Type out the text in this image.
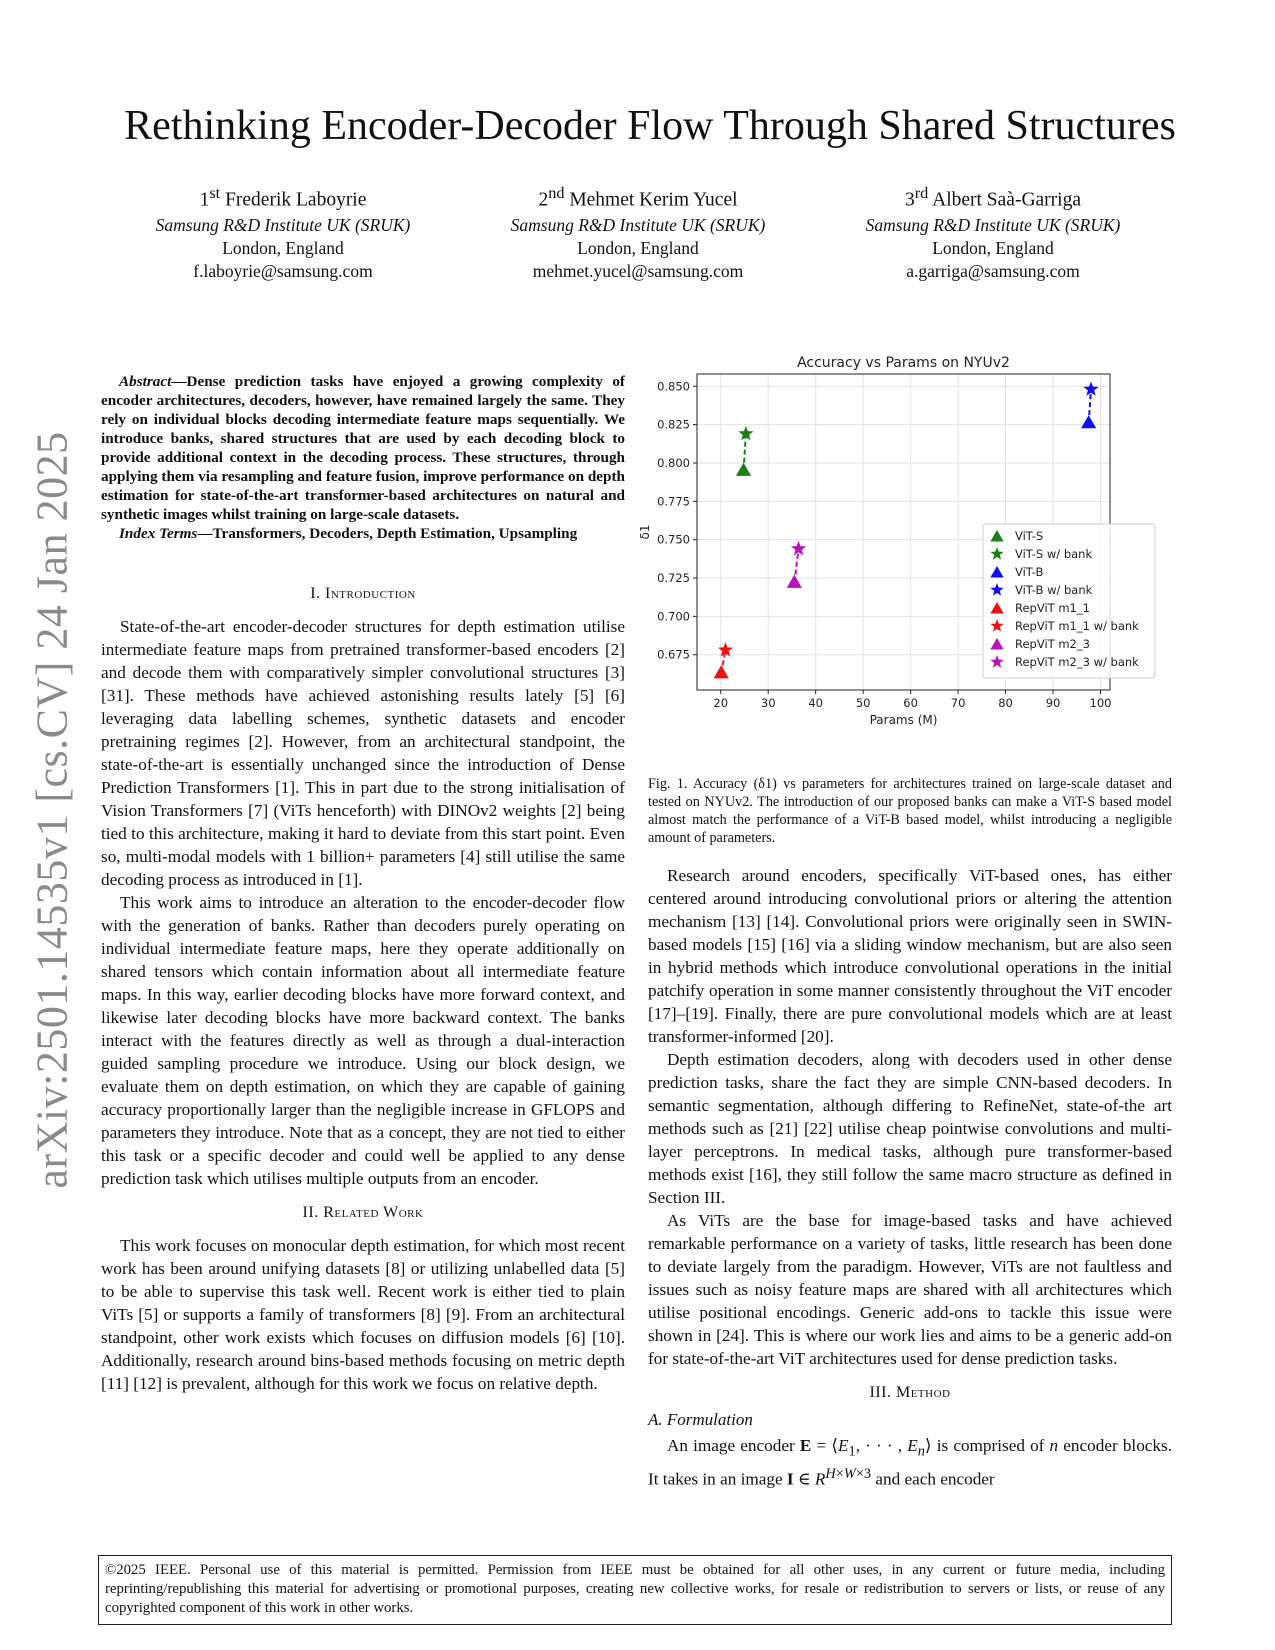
arXiv:2501.14535v1 [cs.CV] 24 Jan 2025
Rethinking Encoder-Decoder Flow Through Shared Structures
1st Frederik Laboyrie
Samsung R&D Institute UK (SRUK)
London, England
f.laboyrie@samsung.com
2nd Mehmet Kerim Yucel
Samsung R&D Institute UK (SRUK)
London, England
mehmet.yucel@samsung.com
3rd Albert Saà-Garriga
Samsung R&D Institute UK (SRUK)
London, England
a.garriga@samsung.com

Abstract—Dense prediction tasks have enjoyed a growing complexity of encoder architectures, decoders, however, have remained largely the same. They rely on individual blocks decoding intermediate feature maps sequentially. We introduce banks, shared structures that are used by each decoding block to provide additional context in the decoding process. These structures, through applying them via resampling and feature fusion, improve performance on depth estimation for state-of-the-art transformer-based architectures on natural and synthetic images whilst training on large-scale datasets.

Index Terms—Transformers, Decoders, Depth Estimation, Upsampling

I. Introduction

State-of-the-art encoder-decoder structures for depth estimation utilise intermediate feature maps from pretrained transformer-based encoders [2] and decode them with comparatively simpler convolutional structures [3] [31]. These methods have achieved astonishing results lately [5] [6] leveraging data labelling schemes, synthetic datasets and encoder pretraining regimes [2]. However, from an architectural standpoint, the state-of-the-art is essentially unchanged since the introduction of Dense Prediction Transformers [1]. This in part due to the strong initialisation of Vision Transformers [7] (ViTs henceforth) with DINOv2 weights [2] being tied to this architecture, making it hard to deviate from this start point. Even so, multi-modal models with 1 billion+ parameters [4] still utilise the same decoding process as introduced in [1].

This work aims to introduce an alteration to the encoder-decoder flow with the generation of banks. Rather than decoders purely operating on individual intermediate feature maps, here they operate additionally on shared tensors which contain information about all intermediate feature maps. In this way, earlier decoding blocks have more forward context, and likewise later decoding blocks have more backward context. The banks interact with the features directly as well as through a dual-interaction guided sampling procedure we introduce. Using our block design, we evaluate them on depth estimation, on which they are capable of gaining accuracy proportionally larger than the negligible increase in GFLOPS and parameters they introduce. Note that as a concept, they are not tied to either this task or a specific decoder and could well be applied to any dense prediction task which utilises multiple outputs from an encoder.

II. Related Work

This work focuses on monocular depth estimation, for which most recent work has been around unifying datasets [8] or utilizing unlabelled data [5] to be able to supervise this task well. Recent work is either tied to plain ViTs [5] or supports a family of transformers [8] [9]. From an architectural standpoint, other work exists which focuses on diffusion models [6] [10]. Additionally, research around bins-based methods focusing on metric depth [11] [12] is prevalent, although for this work we focus on relative depth.

20	30	40	50	60	70	80	90	100
0.675
0.700
0.725
0.750
0.775
0.800
0.825
0.850
Accuracy vs Params on NYUv2
Params (M)
δ1	ViT-S
ViT-S w/ bank
ViT-B
ViT-B w/ bank
RepViT m1_1
RepViT m1_1 w/ bank
RepViT m2_3
RepViT m2_3 w/ bank
Fig. 1. Accuracy (δ1) vs parameters for architectures trained on large-scale dataset and tested on NYUv2. The introduction of our proposed banks can make a ViT-S based model almost match the performance of a ViT-B based model, whilst introducing a negligible amount of parameters.

Research around encoders, specifically ViT-based ones, has either centered around introducing convolutional priors or altering the attention mechanism [13] [14]. Convolutional priors were originally seen in SWIN-based models [15] [16] via a sliding window mechanism, but are also seen in hybrid methods which introduce convolutional operations in the initial patchify operation in some manner consistently throughout the ViT encoder [17]–[19]. Finally, there are pure convolutional models which are at least transformer-informed [20].

Depth estimation decoders, along with decoders used in other dense prediction tasks, share the fact they are simple CNN-based decoders. In semantic segmentation, although differing to RefineNet, state-of-the art methods such as [21] [22] utilise cheap pointwise convolutions and multi-layer perceptrons. In medical tasks, although pure transformer-based methods exist [16], they still follow the same macro structure as defined in Section III.

As ViTs are the base for image-based tasks and have achieved remarkable performance on a variety of tasks, little research has been done to deviate largely from the paradigm. However, ViTs are not faultless and issues such as noisy feature maps are shared with all architectures which utilise positional encodings. Generic add-ons to tackle this issue were shown in [24]. This is where our work lies and aims to be a generic add-on for state-of-the-art ViT architectures used for dense prediction tasks.

III. Method
A. Formulation

An image encoder $E = ⟨E_1$, · · · , $E_n⟩$ is comprised of n encoder blocks. It takes in an image I ∈ $R^{H\times W\times 3}$ and each encoder

©2025 IEEE. Personal use of this material is permitted. Permission from IEEE must be obtained for all other uses, in any current or future media, including reprinting/republishing this material for advertising or promotional purposes, creating new collective works, for resale or redistribution to servers or lists, or reuse of any copyrighted component of this work in other works.
